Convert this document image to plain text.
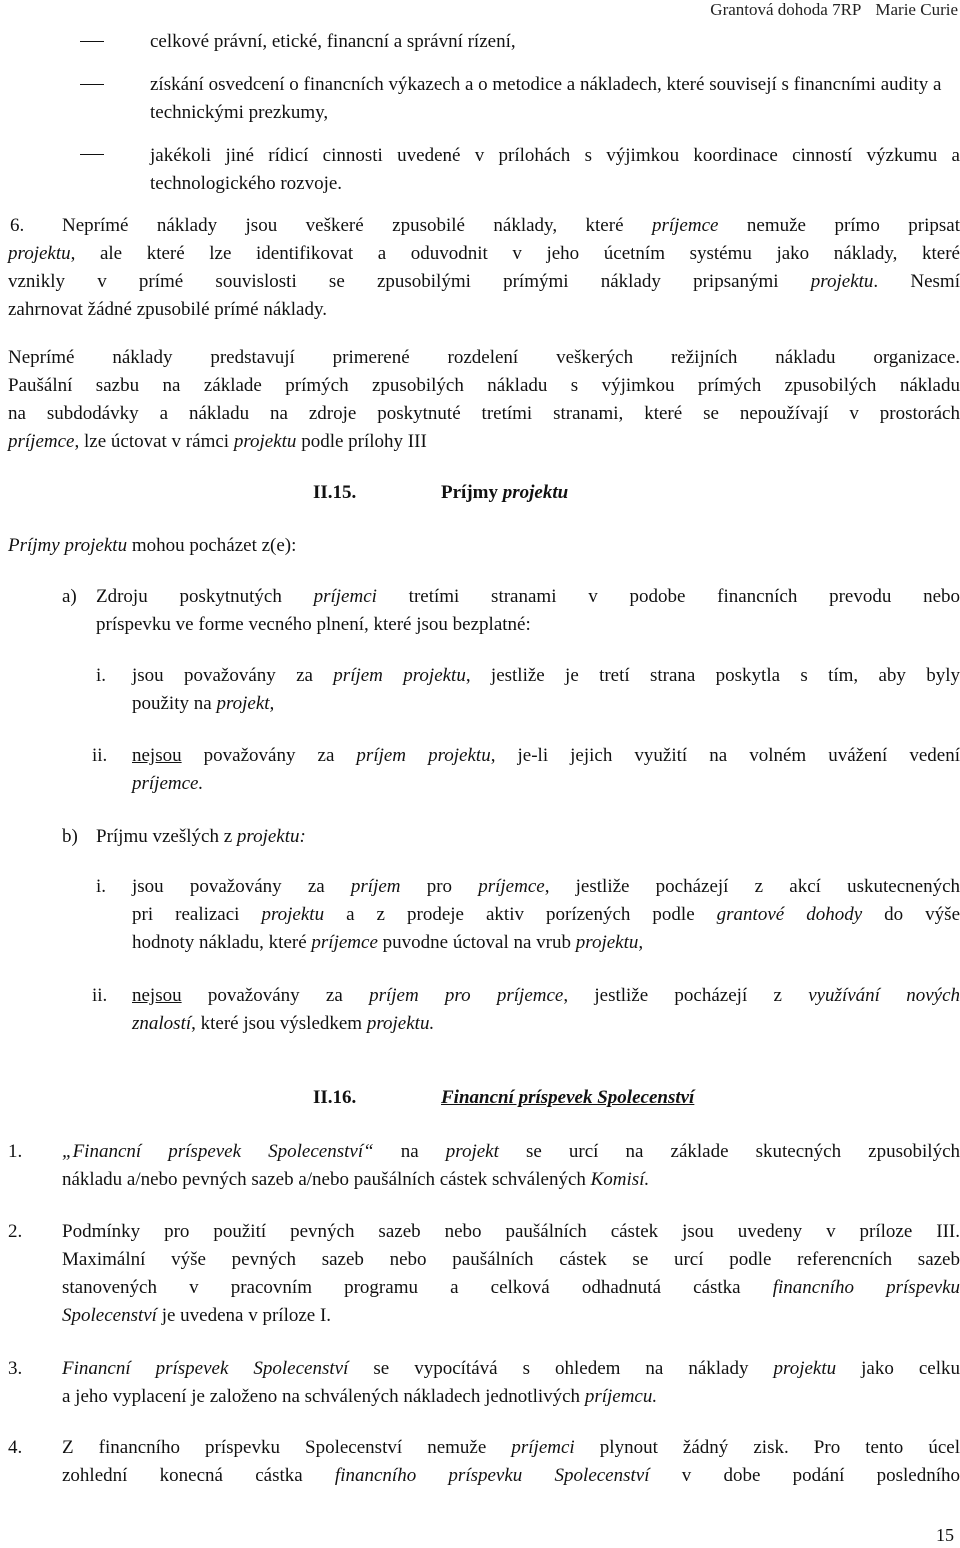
Grantová dohoda 7RP Marie Curie

celkové právní, etické, financní a správní rízení,

získání osvedcení o financních výkazech a o metodice a nákladech, které souvisejí s financními audity a technickými prezkumy,

jakékoli jiné rídicí cinnosti uvedené v prílohách s výjimkou koordinace cinností výzkumu a technologického rozvoje.

6. Neprímé náklady jsou veškeré zpusobilé náklady, které príjemce nemuže prímo pripsat

projektu, ale které lze identifikovat a oduvodnit v jeho úcetním systému jako náklady, které

vznikly v prímé souvislosti se zpusobilými prímými náklady pripsanými projektu. Nesmí

zahrnovat žádné zpusobilé prímé náklady.

Neprímé náklady predstavují primerené rozdelení veškerých režijních nákladu organizace.

Paušální sazbu na základe prímých zpusobilých nákladu s výjimkou prímých zpusobilých nákladu

na subdodávky a nákladu na zdroje poskytnuté tretími stranami, které se nepoužívají v prostorách

príjemce, lze úctovat v rámci projektu podle prílohy III

II.15.	Príjmy projektu

Príjmy projektu mohou pocházet z(e):

a) Zdroju poskytnutých príjemci tretími stranami v podobe financních prevodu nebo

príspevku ve forme vecného plnení, které jsou bezplatné:

i. jsou považovány za príjem projektu, jestliže je tretí strana poskytla s tím, aby byly

použity na projekt,

ii. nejsou považovány za príjem projektu, je-li jejich využití na volném uvážení vedení

príjemce.

b) Príjmu vzešlých z projektu:

i. jsou považovány za príjem pro príjemce, jestliže pocházejí z akcí uskutecnených

pri realizaci projektu a z prodeje aktiv porízených podle grantové dohody do výše

hodnoty nákladu, které príjemce puvodne úctoval na vrub projektu,

ii. nejsou považovány za príjem pro príjemce, jestliže pocházejí z využívání nových

znalostí, které jsou výsledkem projektu.

II.16.	Financní príspevek Spolecenství
1. „Financní príspevek Spolecenství“ na projekt se urcí na základe skutecných zpusobilých

nákladu a/nebo pevných sazeb a/nebo paušálních cástek schválených Komisí.

2. Podmínky pro použití pevných sazeb nebo paušálních cástek jsou uvedeny v príloze III.

Maximální výše pevných sazeb nebo paušálních cástek se urcí podle referencních sazeb

stanovených v pracovním programu a celková odhadnutá cástka financního príspevku

Spolecenství je uvedena v príloze I.

3. Financní príspevek Spolecenství se vypocítává s ohledem na náklady projektu jako celku

a jeho vyplacení je založeno na schválených nákladech jednotlivých príjemcu.

4. Z financního príspevku Spolecenství nemuže príjemci plynout žádný zisk. Pro tento úcel

zohlední konecná cástka financního príspevku Spolecenství v dobe podání posledního

15
